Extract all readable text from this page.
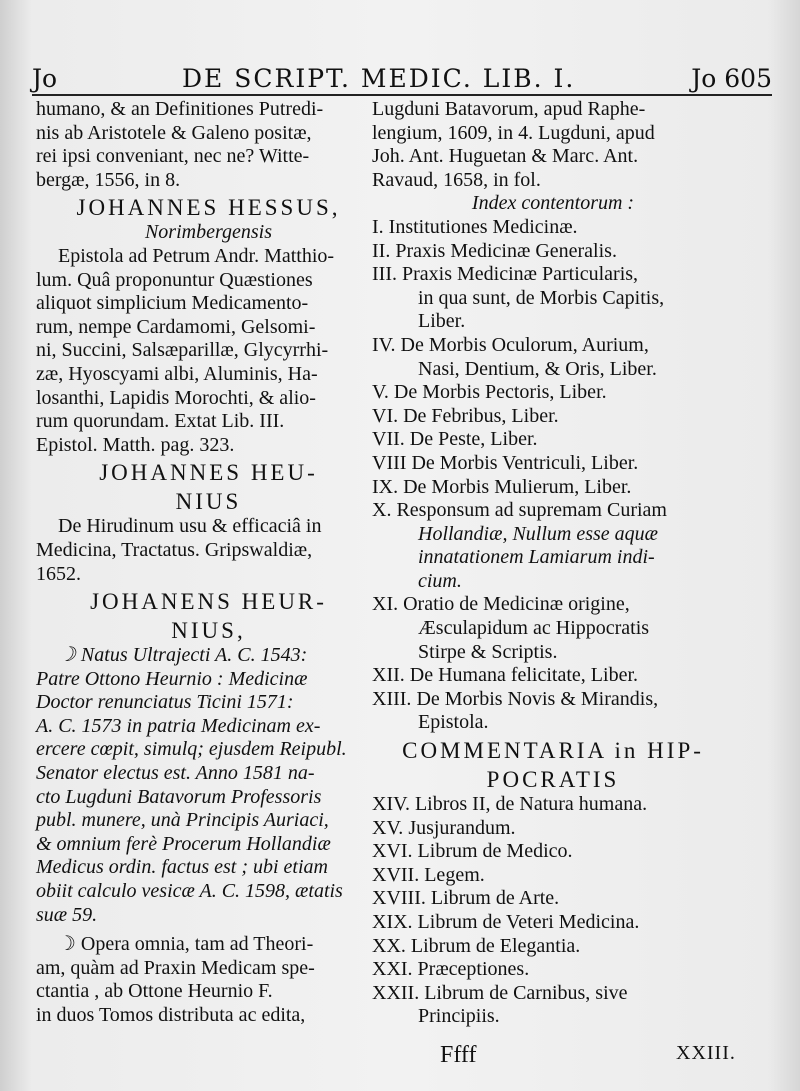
Jo	DE SCRIPT. MEDIC. LIB. I.	Jo 605
humano, & an Definitiones Putredi-
nis ab Aristotele & Galeno positæ,
rei ipsi conveniant, nec ne? Witte-
bergæ, 1556, in 8.
JOHANNES HESSUS,
Norimbergensis
Epistola ad Petrum Andr. Matthio-
lum. Quâ proponuntur Quæstiones
aliquot simplicium Medicamento-
rum, nempe Cardamomi, Gelsomi-
ni, Succini, Salsæparillæ, Glycyrrhi-
zæ, Hyoscyami albi, Aluminis, Ha-
losanthi, Lapidis Morochti, & alio-
rum quorundam. Extat Lib. III.
Epistol. Matth. pag. 323.
JOHANNES HEU-
NIUS
De Hirudinum usu & efficaciâ in
Medicina, Tractatus. Gripswaldiæ,
1652.
JOHANENS HEUR-
NIUS,
☽ Natus Ultrajecti A. C. 1543:
Patre Ottono Heurnio : Medicinæ
Doctor renunciatus Ticini 1571:
A. C. 1573 in patria Medicinam ex-
ercere cœpit, simulq; ejusdem Reipubl.
Senator electus est. Anno 1581 na-
cto Lugduni Batavorum Professoris
publ. munere, unà Principis Auriaci,
& omnium ferè Procerum Hollandiæ
Medicus ordin. factus est ; ubi etiam
obiit calculo vesicæ A. C. 1598, ætatis
suæ 59.
☽ Opera omnia, tam ad Theori-
am, quàm ad Praxin Medicam spe-
ctantia , ab Ottone Heurnio F.
in duos Tomos distributa ac edita,
Lugduni Batavorum, apud Raphe-
lengium, 1609, in 4. Lugduni, apud
Joh. Ant. Huguetan & Marc. Ant.
Ravaud, 1658, in fol.
Index contentorum :
I. Institutiones Medicinæ.
II. Praxis Medicinæ Generalis.
III. Praxis Medicinæ Particularis,
in qua sunt, de Morbis Capitis,
Liber.
IV. De Morbis Oculorum, Aurium,
Nasi, Dentium, & Oris, Liber.
V. De Morbis Pectoris, Liber.
VI. De Febribus, Liber.
VII. De Peste, Liber.
VIII De Morbis Ventriculi, Liber.
IX. De Morbis Mulierum, Liber.
X. Responsum ad supremam Curiam
Hollandiæ, Nullum esse aquæ
innatationem Lamiarum indi-
cium.
XI. Oratio de Medicinæ origine,
Æsculapidum ac Hippocratis
Stirpe & Scriptis.
XII. De Humana felicitate, Liber.
XIII. De Morbis Novis & Mirandis,
Epistola.
COMMENTARIA in HIP-
POCRATIS
XIV. Libros II, de Natura humana.
XV. Jusjurandum.
XVI. Librum de Medico.
XVII. Legem.
XVIII. Librum de Arte.
XIX. Librum de Veteri Medicina.
XX. Librum de Elegantia.
XXI. Præceptiones.
XXII. Librum de Carnibus, sive
Principiis.
Ffff	XXIII.
